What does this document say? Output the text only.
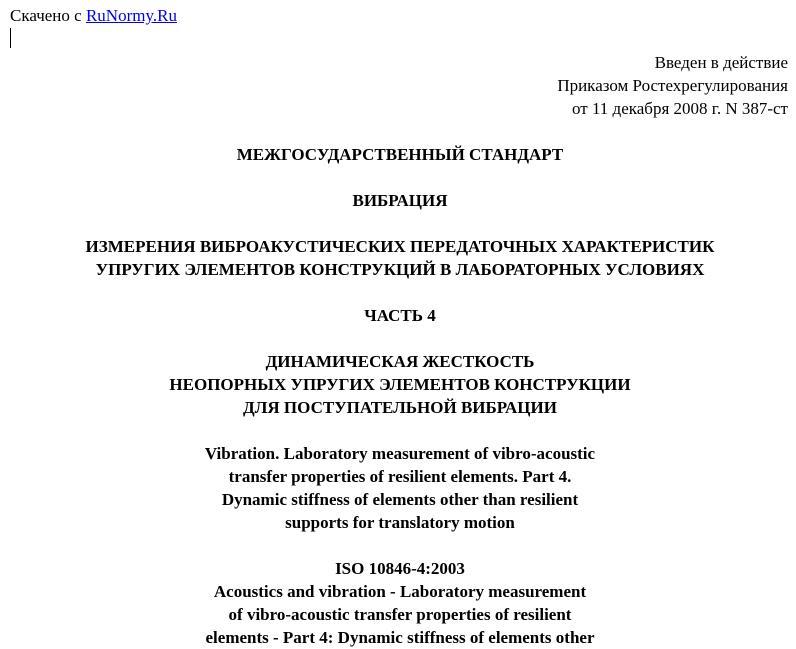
Скачено с RuNormy.Ru
Введен в действие
Приказом Ростехрегулирования
от 11 декабря 2008 г. N 387-ст
МЕЖГОСУДАРСТВЕННЫЙ СТАНДАРТ
ВИБРАЦИЯ
ИЗМЕРЕНИЯ ВИБРОАКУСТИЧЕСКИХ ПЕРЕДАТОЧНЫХ ХАРАКТЕРИСТИК
УПРУГИХ ЭЛЕМЕНТОВ КОНСТРУКЦИЙ В ЛАБОРАТОРНЫХ УСЛОВИЯХ
ЧАСТЬ 4
ДИНАМИЧЕСКАЯ ЖЕСТКОСТЬ
НЕОПОРНЫХ УПРУГИХ ЭЛЕМЕНТОВ КОНСТРУКЦИИ
ДЛЯ ПОСТУПАТЕЛЬНОЙ ВИБРАЦИИ
Vibration. Laboratory measurement of vibro-acoustic
transfer properties of resilient elements. Part 4.
Dynamic stiffness of elements other than resilient
supports for translatory motion
ISO 10846-4:2003
Acoustics and vibration - Laboratory measurement
of vibro-acoustic transfer properties of resilient
elements - Part 4: Dynamic stiffness of elements other
